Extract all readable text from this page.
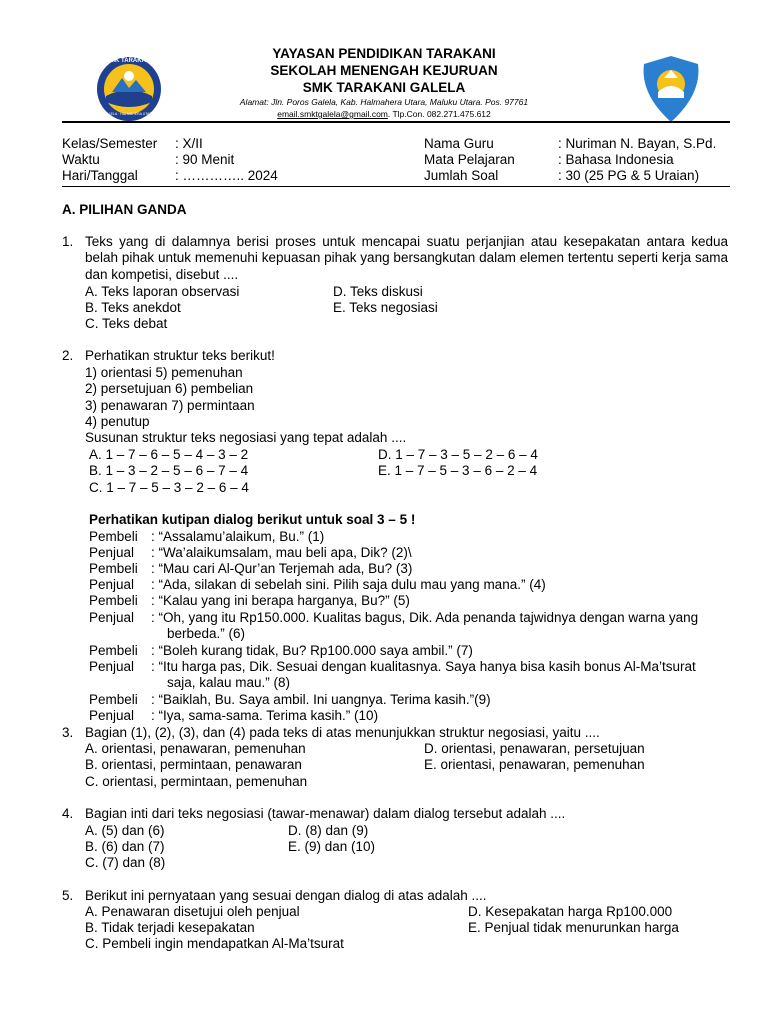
SMK TARAKANI
GALELA · HALMAHERA UTARA
YAYASAN PENDIDIKAN TARAKANI
SEKOLAH MENENGAH KEJURUAN
SMK TARAKANI GALELA
Alamat: Jln. Poros Galela, Kab. Halmahera Utara, Maluku Utara. Pos. 97761
email.smktgalela@gmail.com. Tlp.Con. 082.271.475.612
Kelas/Semester : X/II
Waktu	: 90 Menit
Hari/Tanggal	: ………….. 2024
Nama Guru	: Nuriman N. Bayan, S.Pd.
Mata Pelajaran	: Bahasa Indonesia
Jumlah Soal	: 30 (25 PG & 5 Uraian)
A. PILIHAN GANDA
1. Teks yang di dalamnya berisi proses untuk mencapai suatu perjanjian atau kesepakatan antara kedua belah pihak untuk memenuhi kepuasan pihak yang bersangkutan dalam elemen tertentu seperti kerja sama dan kompetisi, disebut ....
A. Teks laporan observasi
B. Teks anekdot
C. Teks debat
D. Teks diskusi
E. Teks negosiasi
2. Perhatikan struktur teks berikut!
1) orientasi 5) pemenuhan
2) persetujuan 6) pembelian
3) penawaran 7) permintaan
4) penutup
Susunan struktur teks negosiasi yang tepat adalah ....
A. 1 – 7 – 6 – 5 – 4 – 3 – 2
B. 1 – 3 – 2 – 5 – 6 – 7 – 4
C. 1 – 7 – 5 – 3 – 2 – 6 – 4
D. 1 – 7 – 3 – 5 – 2 – 6 – 4
E. 1 – 7 – 5 – 3 – 6 – 2 – 4
Perhatikan kutipan dialog berikut untuk soal 3 – 5 !
Pembeli : “Assalamu’alaikum, Bu.” (1)
Penjual : “Wa’alaikumsalam, mau beli apa, Dik? (2)\
Pembeli : “Mau cari Al-Qur’an Terjemah ada, Bu? (3)
Penjual : “Ada, silakan di sebelah sini. Pilih saja dulu mau yang mana.” (4)
Pembeli : “Kalau yang ini berapa harganya, Bu?” (5)
Penjual : “Oh, yang itu Rp150.000. Kualitas bagus, Dik. Ada penanda tajwidnya dengan warna yang
berbeda.” (6)
Pembeli : “Boleh kurang tidak, Bu? Rp100.000 saya ambil.” (7)
Penjual : “Itu harga pas, Dik. Sesuai dengan kualitasnya. Saya hanya bisa kasih bonus Al-Ma’tsurat
saja, kalau mau.” (8)
Pembeli : “Baiklah, Bu. Saya ambil. Ini uangnya. Terima kasih.”(9)
Penjual : “Iya, sama-sama. Terima kasih.” (10)
3. Bagian (1), (2), (3), dan (4) pada teks di atas menunjukkan struktur negosiasi, yaitu ....
A. orientasi, penawaran, pemenuhan
B. orientasi, permintaan, penawaran
C. orientasi, permintaan, pemenuhan
D. orientasi, penawaran, persetujuan
E. orientasi, penawaran, pemenuhan
4. Bagian inti dari teks negosiasi (tawar-menawar) dalam dialog tersebut adalah ....
A. (5) dan (6)
B. (6) dan (7)
C. (7) dan (8)
D. (8) dan (9)
E. (9) dan (10)
5. Berikut ini pernyataan yang sesuai dengan dialog di atas adalah ....
A. Penawaran disetujui oleh penjual
B. Tidak terjadi kesepakatan
C. Pembeli ingin mendapatkan Al-Ma’tsurat
D. Kesepakatan harga Rp100.000
E. Penjual tidak menurunkan harga
